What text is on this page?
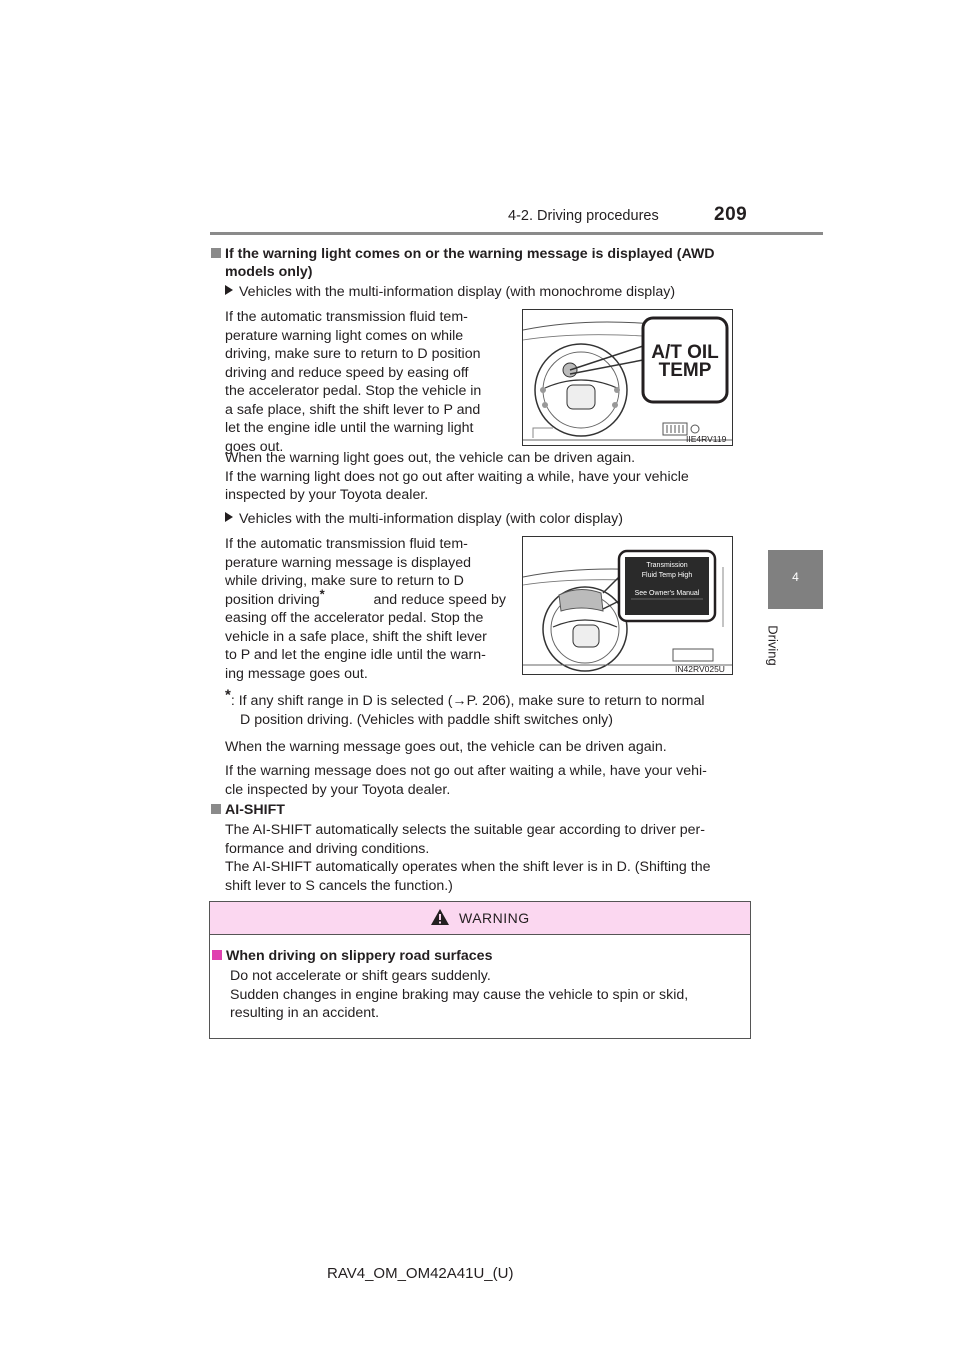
4-2. Driving procedures	209
4
Driving
If the warning light comes on or the warning message is displayed (AWD
models only)
Vehicles with the multi-information display (with monochrome display)
If the automatic transmission fluid tem-
perature warning light comes on while
driving, make sure to return to D position
driving and reduce speed by easing off
the accelerator pedal. Stop the vehicle in
a safe place, shift the shift lever to P and
let the engine idle until the warning light
goes out.
A/T OIL
TEMP
IIE4RV119
When the warning light goes out, the vehicle can be driven again.
If the warning light does not go out after waiting a while, have your vehicle
inspected by your Toyota dealer.
Vehicles with the multi-information display (with color display)
If the automatic transmission fluid tem-
perature warning message is displayed
while driving, make sure to return to D
position driving*	and reduce speed by
easing off the accelerator pedal. Stop the
vehicle in a safe place, shift the shift lever
to P and let the engine idle until the warn-
ing message goes out.
Transmission
Fluid Temp High
See Owner's Manual
IN42RV025U
*: If any shift range in D is selected (→P. 206), make sure to return to normal
D position driving. (Vehicles with paddle shift switches only)
When the warning message goes out, the vehicle can be driven again.
If the warning message does not go out after waiting a while, have your vehi-
cle inspected by your Toyota dealer.
AI-SHIFT
The AI-SHIFT automatically selects the suitable gear according to driver per-
formance and driving conditions.
The AI-SHIFT automatically operates when the shift lever is in D. (Shifting the
shift lever to S cancels the function.)
WARNING
When driving on slippery road surfaces
Do not accelerate or shift gears suddenly.
Sudden changes in engine braking may cause the vehicle to spin or skid,
resulting in an accident.
RAV4_OM_OM42A41U_(U)
